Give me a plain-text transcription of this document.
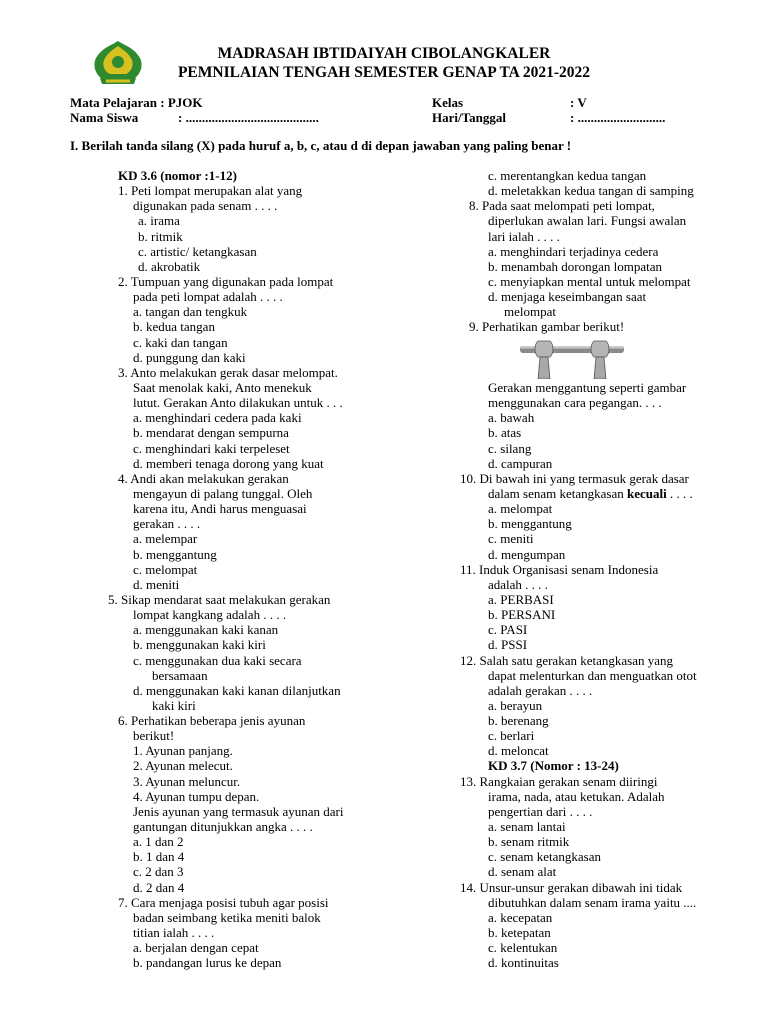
MADRASAH IBTIDAIYAH CIBOLANGKALER
PEMNILAIAN TENGAH SEMESTER GENAP TA 2021-2022
Mata Pelajaran : PJOK
Nama Siswa	: .........................................
Kelas	: V
Hari/Tanggal	: ...........................
I. Berilah tanda silang (X) pada huruf a, b, c, atau d di depan jawaban yang paling benar !
KD 3.6 (nomor :1-12)
1. Peti lompat merupakan alat yang
digunakan pada senam . . . .
a. irama
b. ritmik
c. artistic/ ketangkasan
d. akrobatik
2. Tumpuan yang digunakan pada lompat
pada peti lompat adalah . . . .
a. tangan dan tengkuk
b. kedua tangan
c. kaki dan tangan
d. punggung dan kaki
3. Anto melakukan gerak dasar melompat.
Saat menolak kaki, Anto menekuk
lutut. Gerakan Anto dilakukan untuk . . .
a. menghindari cedera pada kaki
b. mendarat dengan sempurna
c. menghindari kaki terpeleset
d. memberi tenaga dorong yang kuat
4. Andi akan melakukan gerakan
mengayun di palang tunggal. Oleh
karena itu, Andi harus menguasai
gerakan . . . .
a. melempar
b. menggantung
c. melompat
d. meniti
5. Sikap mendarat saat melakukan gerakan
lompat kangkang adalah . . . .
a. menggunakan kaki kanan
b. menggunakan kaki kiri
c. menggunakan dua kaki secara
bersamaan
d. menggunakan kaki kanan dilanjutkan
kaki kiri
6. Perhatikan beberapa jenis ayunan
berikut!
1. Ayunan panjang.
2. Ayunan melecut.
3. Ayunan meluncur.
4. Ayunan tumpu depan.
Jenis ayunan yang termasuk ayunan dari
gantungan ditunjukkan angka . . . .
a. 1 dan 2
b. 1 dan 4
c. 2 dan 3
d. 2 dan 4
7. Cara menjaga posisi tubuh agar posisi
badan seimbang ketika meniti balok
titian ialah . . . .
a. berjalan dengan cepat
b. pandangan lurus ke depan
c. merentangkan kedua tangan
d. meletakkan kedua tangan di samping
8. Pada saat melompati peti lompat,
diperlukan awalan lari. Fungsi awalan
lari ialah . . . .
a. menghindari terjadinya cedera
b. menambah dorongan lompatan
c. menyiapkan mental untuk melompat
d. menjaga keseimbangan saat
melompat
9. Perhatikan gambar berikut!
Gerakan menggantung seperti gambar
menggunakan cara pegangan. . . .
a. bawah
b. atas
c. silang
d. campuran
10. Di bawah ini yang termasuk gerak dasar
dalam senam ketangkasan kecuali . . . .
a. melompat
b. menggantung
c. meniti
d. mengumpan
11. Induk Organisasi senam Indonesia
adalah . . . .
a. PERBASI
b. PERSANI
c. PASI
d. PSSI
12. Salah satu gerakan ketangkasan yang
dapat melenturkan dan menguatkan otot
adalah gerakan . . . .
a. berayun
b. berenang
c. berlari
d. meloncat
KD 3.7 (Nomor : 13-24)
13. Rangkaian gerakan senam diiringi
irama, nada, atau ketukan. Adalah
pengertian dari . . . .
a. senam lantai
b. senam ritmik
c. senam ketangkasan
d. senam alat
14. Unsur-unsur gerakan dibawah ini tidak
dibutuhkan dalam senam irama yaitu ....
a. kecepatan
b. ketepatan
c. kelentukan
d. kontinuitas
